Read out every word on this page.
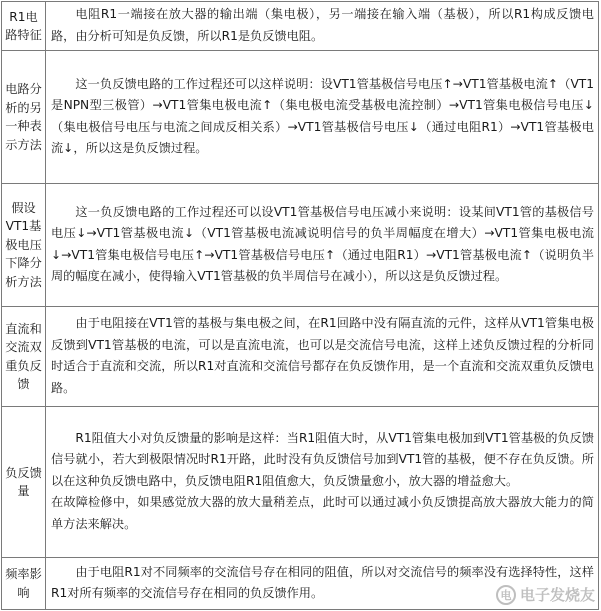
R1电路特征	电阻R1一端接在放大器的输出端（集电极），另一端接在输入端（基极），所以R1构成反馈电路，由分析可知是负反馈，所以R1是负反馈电阻。

电路分析的另一种表示方法	这一负反馈电路的工作过程还可以这样说明：设VT1管基极信号电压↑→VT1管基极电流↑（VT1是NPN型三极管）→VT1管集电极电流↑（集电极电流受基极电流控制）→VT1管集电极信号电压↓（集电极信号电压与电流之间成反相关系）→VT1管基极信号电压↓（通过电阻R1）→VT1管基极电流↓，所以这是负反馈过程。

假设VT1基极电压下降分析方法	这一负反馈电路的工作过程还可以设VT1管基极信号电压减小来说明：设某间VT1管的基极信号电压↓→VT1管基极电流↓（VT1管基极电流减说明信号的负半周幅度在增大）→VT1管集电极电流↓→VT1管集电极信号电压↑→VT1管基极信号电压↑（通过电阻R1）→VT1管基极电流↑（说明负半周的幅度在减小，使得输入VT1管基极的负半周信号在减小），所以这是负反馈过程。

直流和交流双重负反馈	由于电阻接在VT1管的基极与集电极之间，在R1回路中没有隔直流的元件，这样从VT1管集电极反馈到VT1管基极的电流，可以是直流电流，也可以是交流信号电流，这样上述负反馈过程的分析同时适合于直流和交流，所以R1对直流和交流信号都存在负反馈作用，是一个直流和交流双重负反馈电路。

负反馈量	R1阻值大小对负反馈量的影响是这样：当R1阻值大时，从VT1管集电极加到VT1管基极的负反馈信号就小，若大到极限情况时R1开路，此时没有负反馈信号加到VT1管的基极，便不存在负反馈。所以在这种负反馈电路中，负反馈电阻R1阻值愈大，负反馈量愈小，放大器的增益愈大。

在故障检修中，如果感觉放大器的放大量稍差点，此时可以通过减小负反馈提高放大器放大能力的简单方法来解决。

频率影响	由于电阻R1对不同频率的交流信号存在相同的阻值，所以对交流信号的频率没有选择特性，这样R1对所有频率的交流信号存在相同的负反馈作用。	电 电子发烧友
